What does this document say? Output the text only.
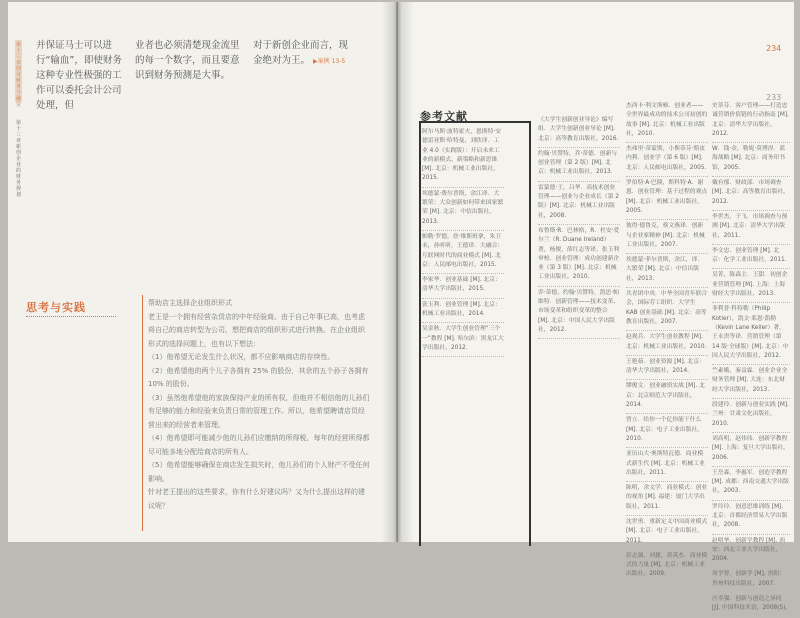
并保证马士可以进行“输血”，即使财务这种专业性极强的工作可以委托会计公司处理，但

业者也必须清楚现金流里的每一个数字，而且要意识到财务预测是大事。

对于新创企业而言，现金绝对为王。 ▶案例 13-5

第十三章 创业财务与融资
第十三章 新创企业的财务规划
思考与实践	帮助店主选择企业组织形式

老王是一个拥有经营杂货店的中年经验商。由于自己年事已高，也考虑将自己的商店转型为公司，想把商店的组织形式进行转换。在企业组织形式的选择问题上，也有以下想法：

（1）他希望无论发生什么状况，都不应影响商店的存续性。

（2）他希望他的两个儿子各拥有 25% 的股份，其余的五个孙子各拥有 10% 的股份。

（3）虽然他希望他的家族保持产业的所有权，但他并不相信他的儿孙们有足够的能力和经验来负责日常的管理工作。所以，他希望聘请店员经营出来的经营者来管理。

（4）他希望即可能减少他的儿孙们应缴纳的所得税，每年的经营所得都尽可能多地分配给商店的所有人。

（5）他希望能够确保在商店发生损失时，他儿孙们的个人财产不受任何影响。

针对老王提出的这些要求，你有什么好建议吗？又为什么提出这样的建议呢？

234
233
参考文献

阿尔马斯·波特霍夫，恩斯特·安德雷亚斯·哈特曼，刘欣译．工业 4.0（实践版）：开启未来工业的新模式、新策略和新思维 [M]. 北京：机械工业出版社，2015.

埃德蒙·费尔普斯，余江译．大繁荣：大众创新如何带来国家繁荣 [M]. 北京：中信出版社，2013.

帕勒·罗德，詹·维斯班拿，朱卫未，孙听昕，王德译．大融合：互联网时代的商业模式 [M]. 北京：人民邮电出版社，2015.

李家华．创业基础 [M]. 北京：清华大学出版社，2015.

张玉利．创业管理 [M]. 北京：机械工业出版社，2014.

吴金秋．大学生创业管理“三个一”教程 [M]. 哈尔滨：黑龙江大学出版社，2012.

《大学生创新创业导论》编写组．大学生创新创业导论 [M]. 北京：高等教育出版社，2016.

约翰·贝赞特，乔·蒂德．创新与创业管理（第 2 版）[M]. 北京：机械工业出版社，2013.

雷蒙德·王，吕华．高技术创业管理——创业与企业成长（第 2 版）[M]. 北京：机械工业出版社，2008.

布鲁斯·R．巴林格，R．杜安·爱尔兰（R. Duane Ireland）著，杨俊，薛红志等译，张玉利审校．创业管理：成功创建新企业（第 3 版）[M]. 北京：机械工业出版社，2010.

乔·蒂德，约翰·贝赞特，凯思·帕维特．创新管理——技术变革、市场变革和组织变革的整合 [M]. 北京：中国人民大学出版社，2012.

杰西卡·利文斯顿．创业者——全世界最成功的技术公司初创的故事 [M]. 北京：机械工业出版社，2010.

杰弗里·蒂蒙斯，小斯蒂芬·斯皮内利．创业学（第 6 版）[M]. 北京：人民邮电出版社，2005.

罗伯特·A·巴隆，斯科特·A．谢恩．创业管理：基于过程的观点 [M]. 北京：机械工业出版社，2005.

彼得·德鲁克，蔡文燕译．创新与企业家精神 [M]. 北京：机械工业出版社，2007.

埃德蒙·菲尔普斯，余江，译．大繁荣 [M]. 北京：中信出版社，2013.

共青团中央．中华全国青年联合会，国际劳工组织．大学生 KAB 创业基础 [M]. 北京：高等教育出版社，2007.

赵观兵．大学生创业教程 [M]. 北京：机械工业出版社，2010.

王艳茹．创业资源 [M]. 北京：清华大学出版社，2014.

缪俊文．创业融资实战 [M]. 北京：北京师范大学出版社，2014.

曾立．给你一个亿你能干什么 [M]. 北京：电子工业出版社，2010.

亚历山大·奥斯特瓦德．商业模式新生代 [M]. 北京：机械工业出版社，2011.

陈明，余文学．商业模式：创业的视角 [M]. 福建：厦门大学出版社，2011.

沈世勇．重新定义中国商业模式 [M]. 北京：电子工业出版社，2011.

彭志强，刘捷，黄英杰．商业模式的力量 [M]. 北京：机械工业出版社，2009.

史蒂芬．客户管理——打造忠诚营销价值链的行动指南 [M]. 北京：清华大学出版社，2012.

W．钱·金，勒妮·莫博涅．蓝海战略 [M]. 北京：商务印书馆，2005.

戴有郁．财政部．市场调查 [M]. 北京：高等教育出版社，2012.

李世杰，于飞．市场调查与预测 [M]. 北京：清华大学出版社，2011.

李文忠．创业管理 [M]. 北京：化学工业出版社，2011.

吴菁，陈森主．王甜．初创企业营销管理 [M]. 上海：上海财经大学出版社，2013.

菲利普·科特勒（Philip Kotler），凯文·莱恩·凯勒（Kevin Lane Keller）著，王永贵等译．营销管理（第 14 版·全球版）[M]. 北京：中国人民大学出版社，2012.

竺素娥，秦益霖．创业企业全财务管理 [M]. 大连：东北财经大学出版社，2013.

段建玲．创新与创业实践 [M]. 兰州：甘肃文化出版社，2010.

刘高明，赵伟伟．创新学教程 [M]. 上海：复旦大学出版社，2006.

王岳森，李惠军．创造学教程 [M]. 成都：西南交通大学出版社，2003.

罗玲玲．创意思维训练 [M]. 北京：首都经济贸易大学出版社，2008.

赵明华．创新学教程 [M]. 西安：西北工业大学出版社，2004.

周学智，创新学 [M]. 贵阳：贵州科技出版社，2007.

庄寿强．创新与创造之异同 [J]. 中国科技术语，2008(5).
